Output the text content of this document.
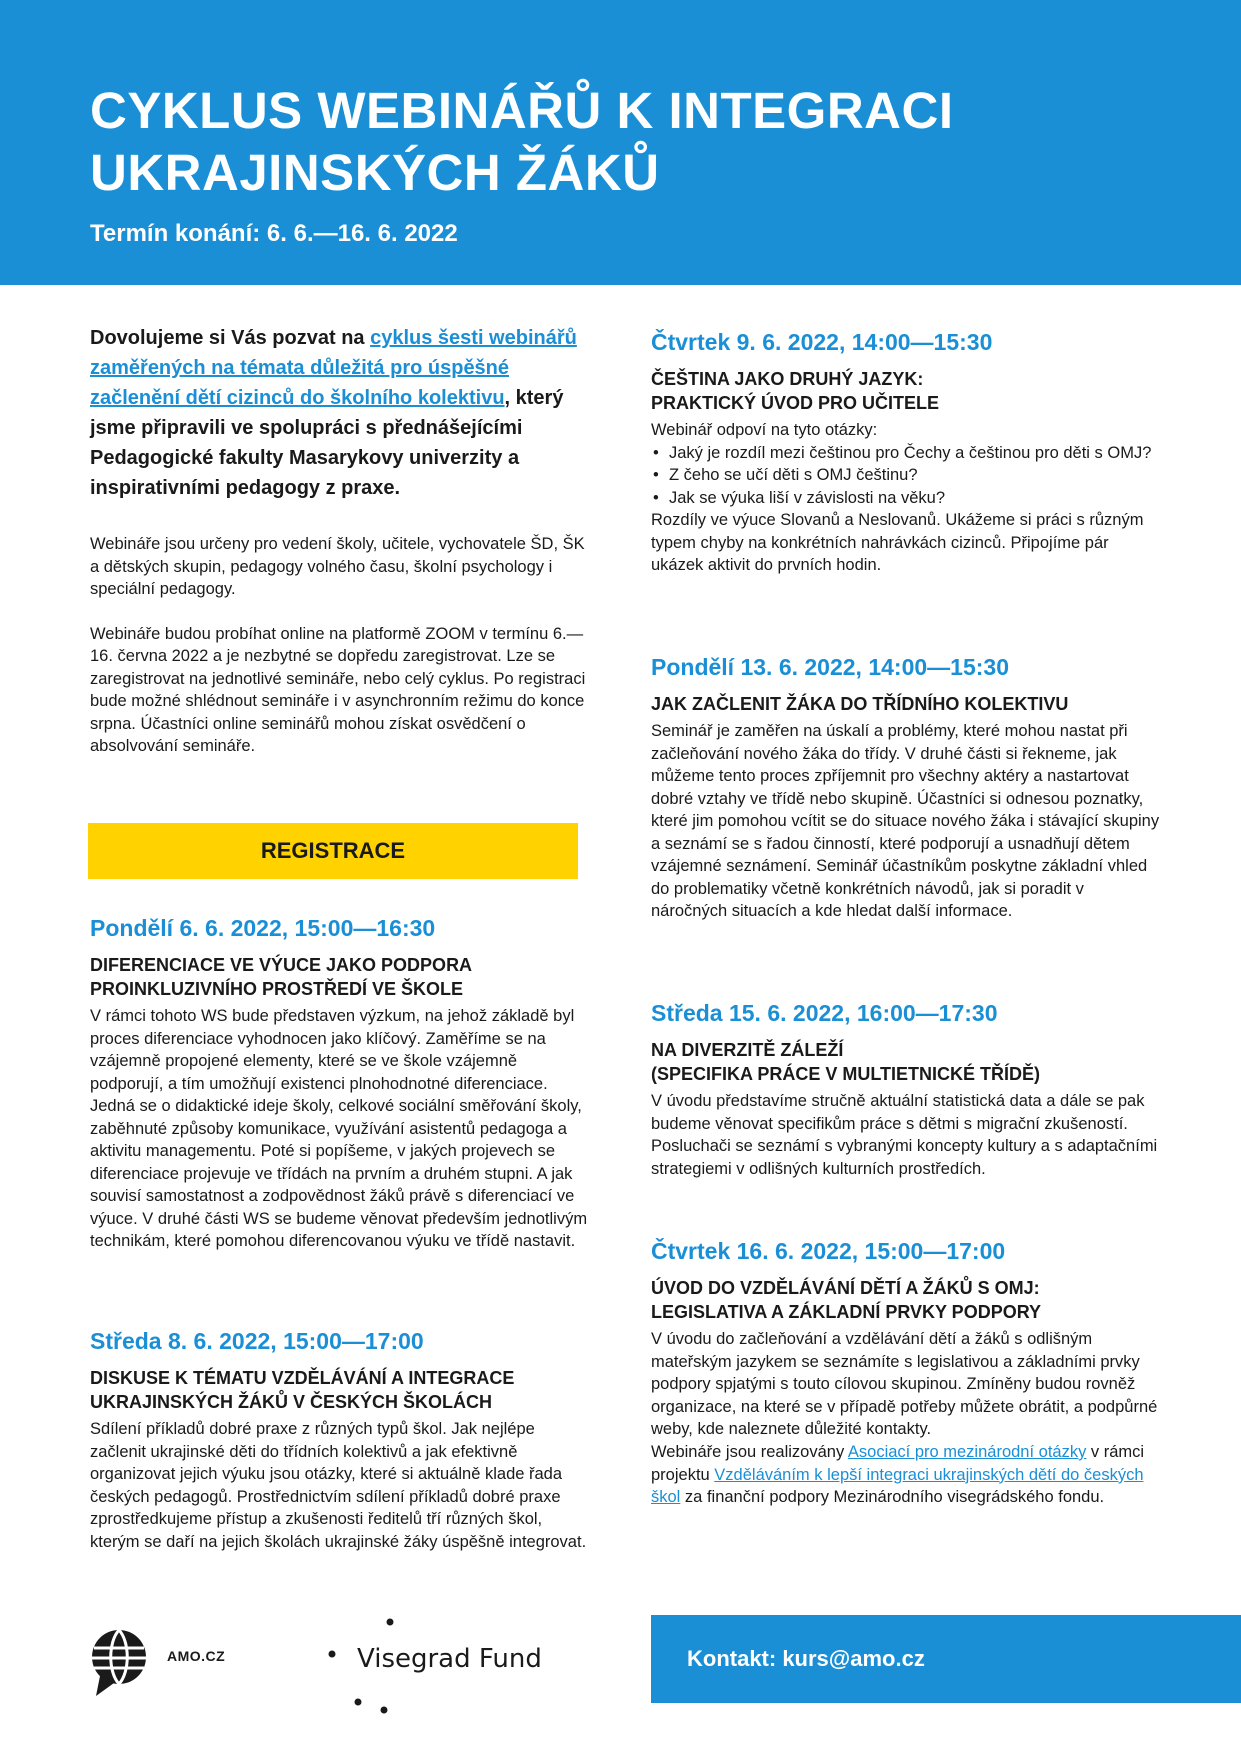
CYKLUS WEBINÁŘŮ K INTEGRACI
UKRAJINSKÝCH ŽÁKŮ

Termín konání: 6. 6.—16. 6. 2022

Dovolujeme si Vás pozvat na cyklus šesti webinářů zaměřených na témata důležitá pro úspěšné začlenění dětí cizinců do školního kolektivu, který jsme připravili ve spolupráci s přednášejícími Pedagogické fakulty Masarykovy univerzity a inspirativními pedagogy z praxe.

Webináře jsou určeny pro vedení školy, učitele, vychovatele ŠD, ŠK a dětských skupin, pedagogy volného času, školní psychology i speciální pedagogy.

Webináře budou probíhat online na platformě ZOOM v termínu 6.—16. června 2022 a je nezbytné se dopředu zaregistrovat. Lze se zaregistrovat na jednotlivé semináře, nebo celý cyklus. Po registraci bude možné shlédnout semináře i v asynchronním režimu do konce srpna. Účastníci online seminářů mohou získat osvědčení o absolvování semináře.

REGISTRACE

Pondělí 6. 6. 2022, 15:00—16:30

DIFERENCIACE VE VÝUCE JAKO PODPORA
PROINKLUZIVNÍHO PROSTŘEDÍ VE ŠKOLE

V rámci tohoto WS bude představen výzkum, na jehož základě byl proces diferenciace vyhodnocen jako klíčový. Zaměříme se na vzájemně propojené elementy, které se ve škole vzájemně podporují, a tím umožňují existenci plnohodnotné diferenciace. Jedná se o didaktické ideje školy, celkové sociální směřování školy, zaběhnuté způsoby komunikace, využívání asistentů pedagoga a aktivitu managementu. Poté si popíšeme, v jakých projevech se diferenciace projevuje ve třídách na prvním a druhém stupni. A jak souvisí samostatnost a zodpovědnost žáků právě s diferenciací ve výuce. V druhé části WS se budeme věnovat především jednotlivým technikám, které pomohou diferencovanou výuku ve třídě nastavit.

Středa 8. 6. 2022, 15:00—17:00

DISKUSE K TÉMATU VZDĚLÁVÁNÍ A INTEGRACE
UKRAJINSKÝCH ŽÁKŮ V ČESKÝCH ŠKOLÁCH

Sdílení příkladů dobré praxe z různých typů škol. Jak nejlépe začlenit ukrajinské děti do třídních kolektivů a jak efektivně organizovat jejich výuku jsou otázky, které si aktuálně klade řada českých pedagogů. Prostřednictvím sdílení příkladů dobré praxe zprostředkujeme přístup a zkušenosti ředitelů tří různých škol, kterým se daří na jejich školách ukrajinské žáky úspěšně integrovat.

Čtvrtek 9. 6. 2022, 14:00—15:30

ČEŠTINA JAKO DRUHÝ JAZYK:
PRAKTICKÝ ÚVOD PRO UČITELE

Webinář odpoví na tyto otázky:

• Jaký je rozdíl mezi češtinou pro Čechy a češtinou pro děti s OMJ?
• Z čeho se učí děti s OMJ češtinu?
• Jak se výuka liší v závislosti na věku?

Rozdíly ve výuce Slovanů a Neslovanů. Ukážeme si práci s různým typem chyby na konkrétních nahrávkách cizinců. Připojíme pár ukázek aktivit do prvních hodin.

Pondělí 13. 6. 2022, 14:00—15:30

JAK ZAČLENIT ŽÁKA DO TŘÍDNÍHO KOLEKTIVU

Seminář je zaměřen na úskalí a problémy, které mohou nastat při začleňování nového žáka do třídy. V druhé části si řekneme, jak můžeme tento proces zpříjemnit pro všechny aktéry a nastartovat dobré vztahy ve třídě nebo skupině. Účastníci si odnesou poznatky, které jim pomohou vcítit se do situace nového žáka i stávající skupiny a seznámí se s řadou činností, které podporují a usnadňují dětem vzájemné seznámení. Seminář účastníkům poskytne základní vhled do problematiky včetně konkrétních návodů, jak si poradit v náročných situacích a kde hledat další informace.

Středa 15. 6. 2022, 16:00—17:30

NA DIVERZITĚ ZÁLEŽÍ
(SPECIFIKA PRÁCE V MULTIETNICKÉ TŘÍDĚ)

V úvodu představíme stručně aktuální statistická data a dále se pak budeme věnovat specifikům práce s dětmi s migrační zkušeností. Posluchači se seznámí s vybranými koncepty kultury a s adaptačními strategiemi v odlišných kulturních prostředích.

Čtvrtek 16. 6. 2022, 15:00—17:00

ÚVOD DO VZDĚLÁVÁNÍ DĚTÍ A ŽÁKŮ S OMJ:
LEGISLATIVA A ZÁKLADNÍ PRVKY PODPORY

V úvodu do začleňování a vzdělávání dětí a žáků s odlišným mateřským jazykem se seznámíte s legislativou a základními prvky podpory spjatými s touto cílovou skupinou. Zmíněny budou rovněž organizace, na které se v případě potřeby můžete obrátit, a podpůrné weby, kde naleznete důležité kontakty.

Webináře jsou realizovány Asociací pro mezinárodní otázky v rámci projektu Vzděláváním k lepší integraci ukrajinských dětí do českých škol za finanční podpory Mezinárodního visegrádského fondu.

AMO.CZ	Visegrad Fund	Kontakt: kurs@amo.cz
